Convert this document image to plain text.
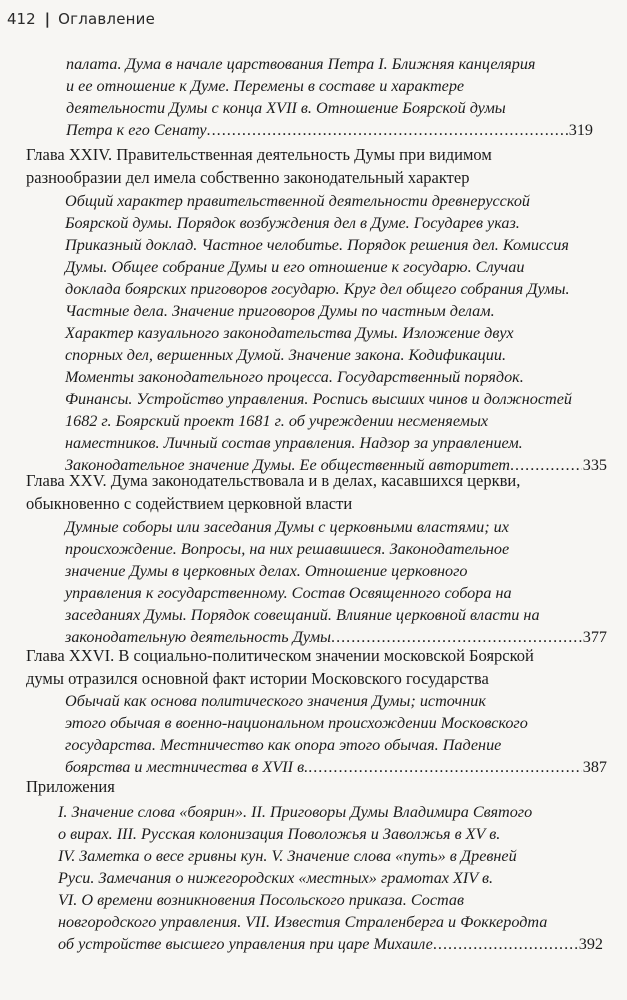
412 | Оглавление
палата. Дума в начале царствования Петра I. Ближняя канцелярия
и ее отношение к Думе. Перемены в составе и характере
деятельности Думы с конца XVII в. Отношение Боярской думы
Петра к его Сенату .....	319
Глава XXIV. Правительственная деятельность Думы при видимом
разнообразии дел имела собственно законодательный характер
Общий характер правительственной деятельности древнерусской
Боярской думы. Порядок возбуждения дел в Думе. Государев указ.
Приказный доклад. Частное челобитье. Порядок решения дел. Комиссия
Думы. Общее собрание Думы и его отношение к государю. Случаи
доклада боярских приговоров государю. Круг дел общего собрания Думы.
Частные дела. Значение приговоров Думы по частным делам.
Характер казуального законодательства Думы. Изложение двух
спорных дел, вершенных Думой. Значение закона. Кодификации.
Моменты законодательного процесса. Государственный порядок.
Финансы. Устройство управления. Роспись высших чинов и должностей
1682 г. Боярский проект 1681 г. об учреждении несменяемых
наместников. Личный состав управления. Надзор за управлением.
Законодательное значение Думы. Ее общественный авторитет .....	335
Глава XXV. Дума законодательствовала и в делах, касавшихся церкви,
обыкновенно с содействием церковной власти
Думные соборы или заседания Думы с церковными властями; их
происхождение. Вопросы, на них решавшиеся. Законодательное
значение Думы в церковных делах. Отношение церковного
управления к государственному. Состав Освященного собора на
заседаниях Думы. Порядок совещаний. Влияние церковной власти на
законодательную деятельность Думы .....	377
Глава XXVI. В социально-политическом значении московской Боярской
думы отразился основной факт истории Московского государства
Обычай как основа политического значения Думы; источник
этого обычая в военно-национальном происхождении Московского
государства. Местничество как опора этого обычая. Падение
боярства и местничества в XVII в. .....	387
Приложения
I. Значение слова «боярин». II. Приговоры Думы Владимира Святого
о вирах. III. Русская колонизация Поволожья и Заволжья в XV в.
IV. Заметка о весе гривны кун. V. Значение слова «путь» в Древней
Руси. Замечания о нижегородских «местных» грамотах XIV в.
VI. О времени возникновения Посольского приказа. Состав
новгородского управления. VII. Известия Страленберга и Фоккеродта
об устройстве высшего управления при царе Михаиле .....	392
